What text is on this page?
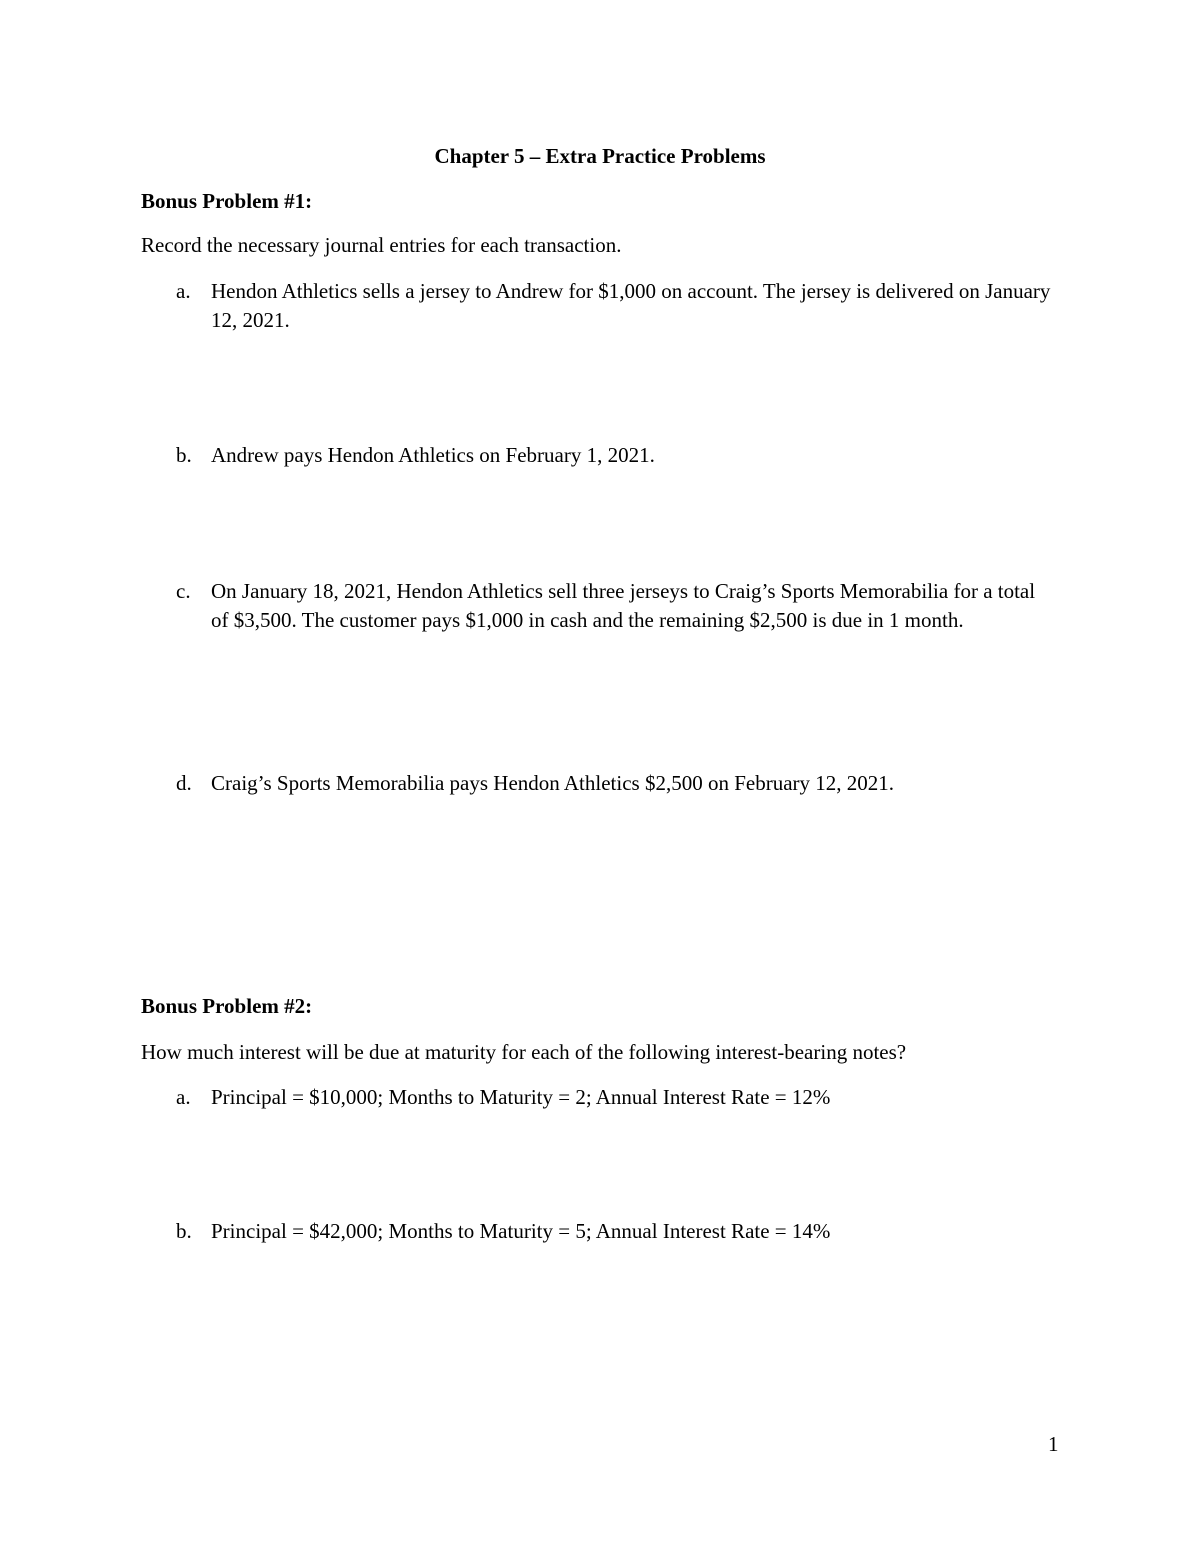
Chapter 5 – Extra Practice Problems
Bonus Problem #1:
Record the necessary journal entries for each transaction.
a. Hendon Athletics sells a jersey to Andrew for $1,000 on account. The jersey is delivered on January 12, 2021.
b. Andrew pays Hendon Athletics on February 1, 2021.
c. On January 18, 2021, Hendon Athletics sell three jerseys to Craig’s Sports Memorabilia for a total of $3,500. The customer pays $1,000 in cash and the remaining $2,500 is due in 1 month.
d. Craig’s Sports Memorabilia pays Hendon Athletics $2,500 on February 12, 2021.
Bonus Problem #2:
How much interest will be due at maturity for each of the following interest-bearing notes?
a. Principal = $10,000; Months to Maturity = 2; Annual Interest Rate = 12%
b. Principal = $42,000; Months to Maturity = 5; Annual Interest Rate = 14%
1
